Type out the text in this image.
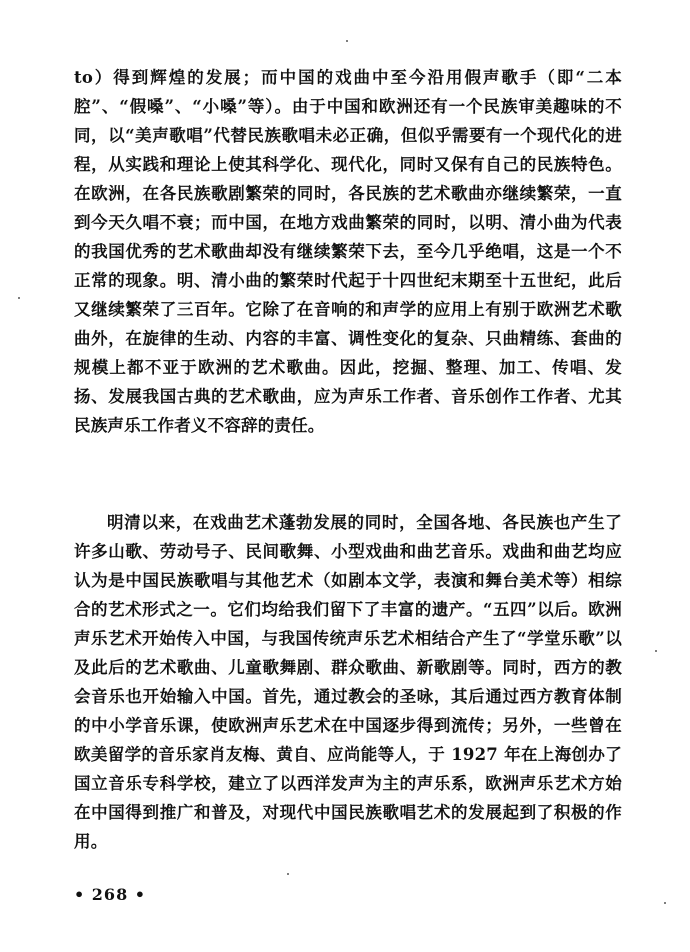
to）得到辉煌的发展；而中国的戏曲中至今沿用假声歌手（即“二本腔”、“假嗓”、“小嗓”等）。由于中国和欧洲还有一个民族审美趣味的不同，以“美声歌唱”代替民族歌唱未必正确，但似乎需要有一个现代化的进程，从实践和理论上使其科学化、现代化，同时又保有自己的民族特色。在欧洲，在各民族歌剧繁荣的同时，各民族的艺术歌曲亦继续繁荣，一直到今天久唱不衰；而中国，在地方戏曲繁荣的同时，以明、清小曲为代表的我国优秀的艺术歌曲却没有继续繁荣下去，至今几乎绝唱，这是一个不正常的现象。明、清小曲的繁荣时代起于十四世纪末期至十五世纪，此后又继续繁荣了三百年。它除了在音响的和声学的应用上有别于欧洲艺术歌曲外，在旋律的生动、内容的丰富、调性变化的复杂、只曲精练、套曲的规模上都不亚于欧洲的艺术歌曲。因此，挖掘、整理、加工、传唱、发扬、发展我国古典的艺术歌曲，应为声乐工作者、音乐创作工作者、尤其民族声乐工作者义不容辞的责任。

明清以来，在戏曲艺术蓬勃发展的同时，全国各地、各民族也产生了许多山歌、劳动号子、民间歌舞、小型戏曲和曲艺音乐。戏曲和曲艺均应认为是中国民族歌唱与其他艺术（如剧本文学，表演和舞台美术等）相综合的艺术形式之一。它们均给我们留下了丰富的遗产。“五四”以后。欧洲声乐艺术开始传入中国，与我国传统声乐艺术相结合产生了“学堂乐歌”以及此后的艺术歌曲、儿童歌舞剧、群众歌曲、新歌剧等。同时，西方的教会音乐也开始输入中国。首先，通过教会的圣咏，其后通过西方教育体制的中小学音乐课，使欧洲声乐艺术在中国逐步得到流传；另外，一些曾在欧美留学的音乐家肖友梅、黄自、应尚能等人，于 1927 年在上海创办了国立音乐专科学校，建立了以西洋发声为主的声乐系，欧洲声乐艺术方始在中国得到推广和普及，对现代中国民族歌唱艺术的发展起到了积极的作用。

• 268 •
